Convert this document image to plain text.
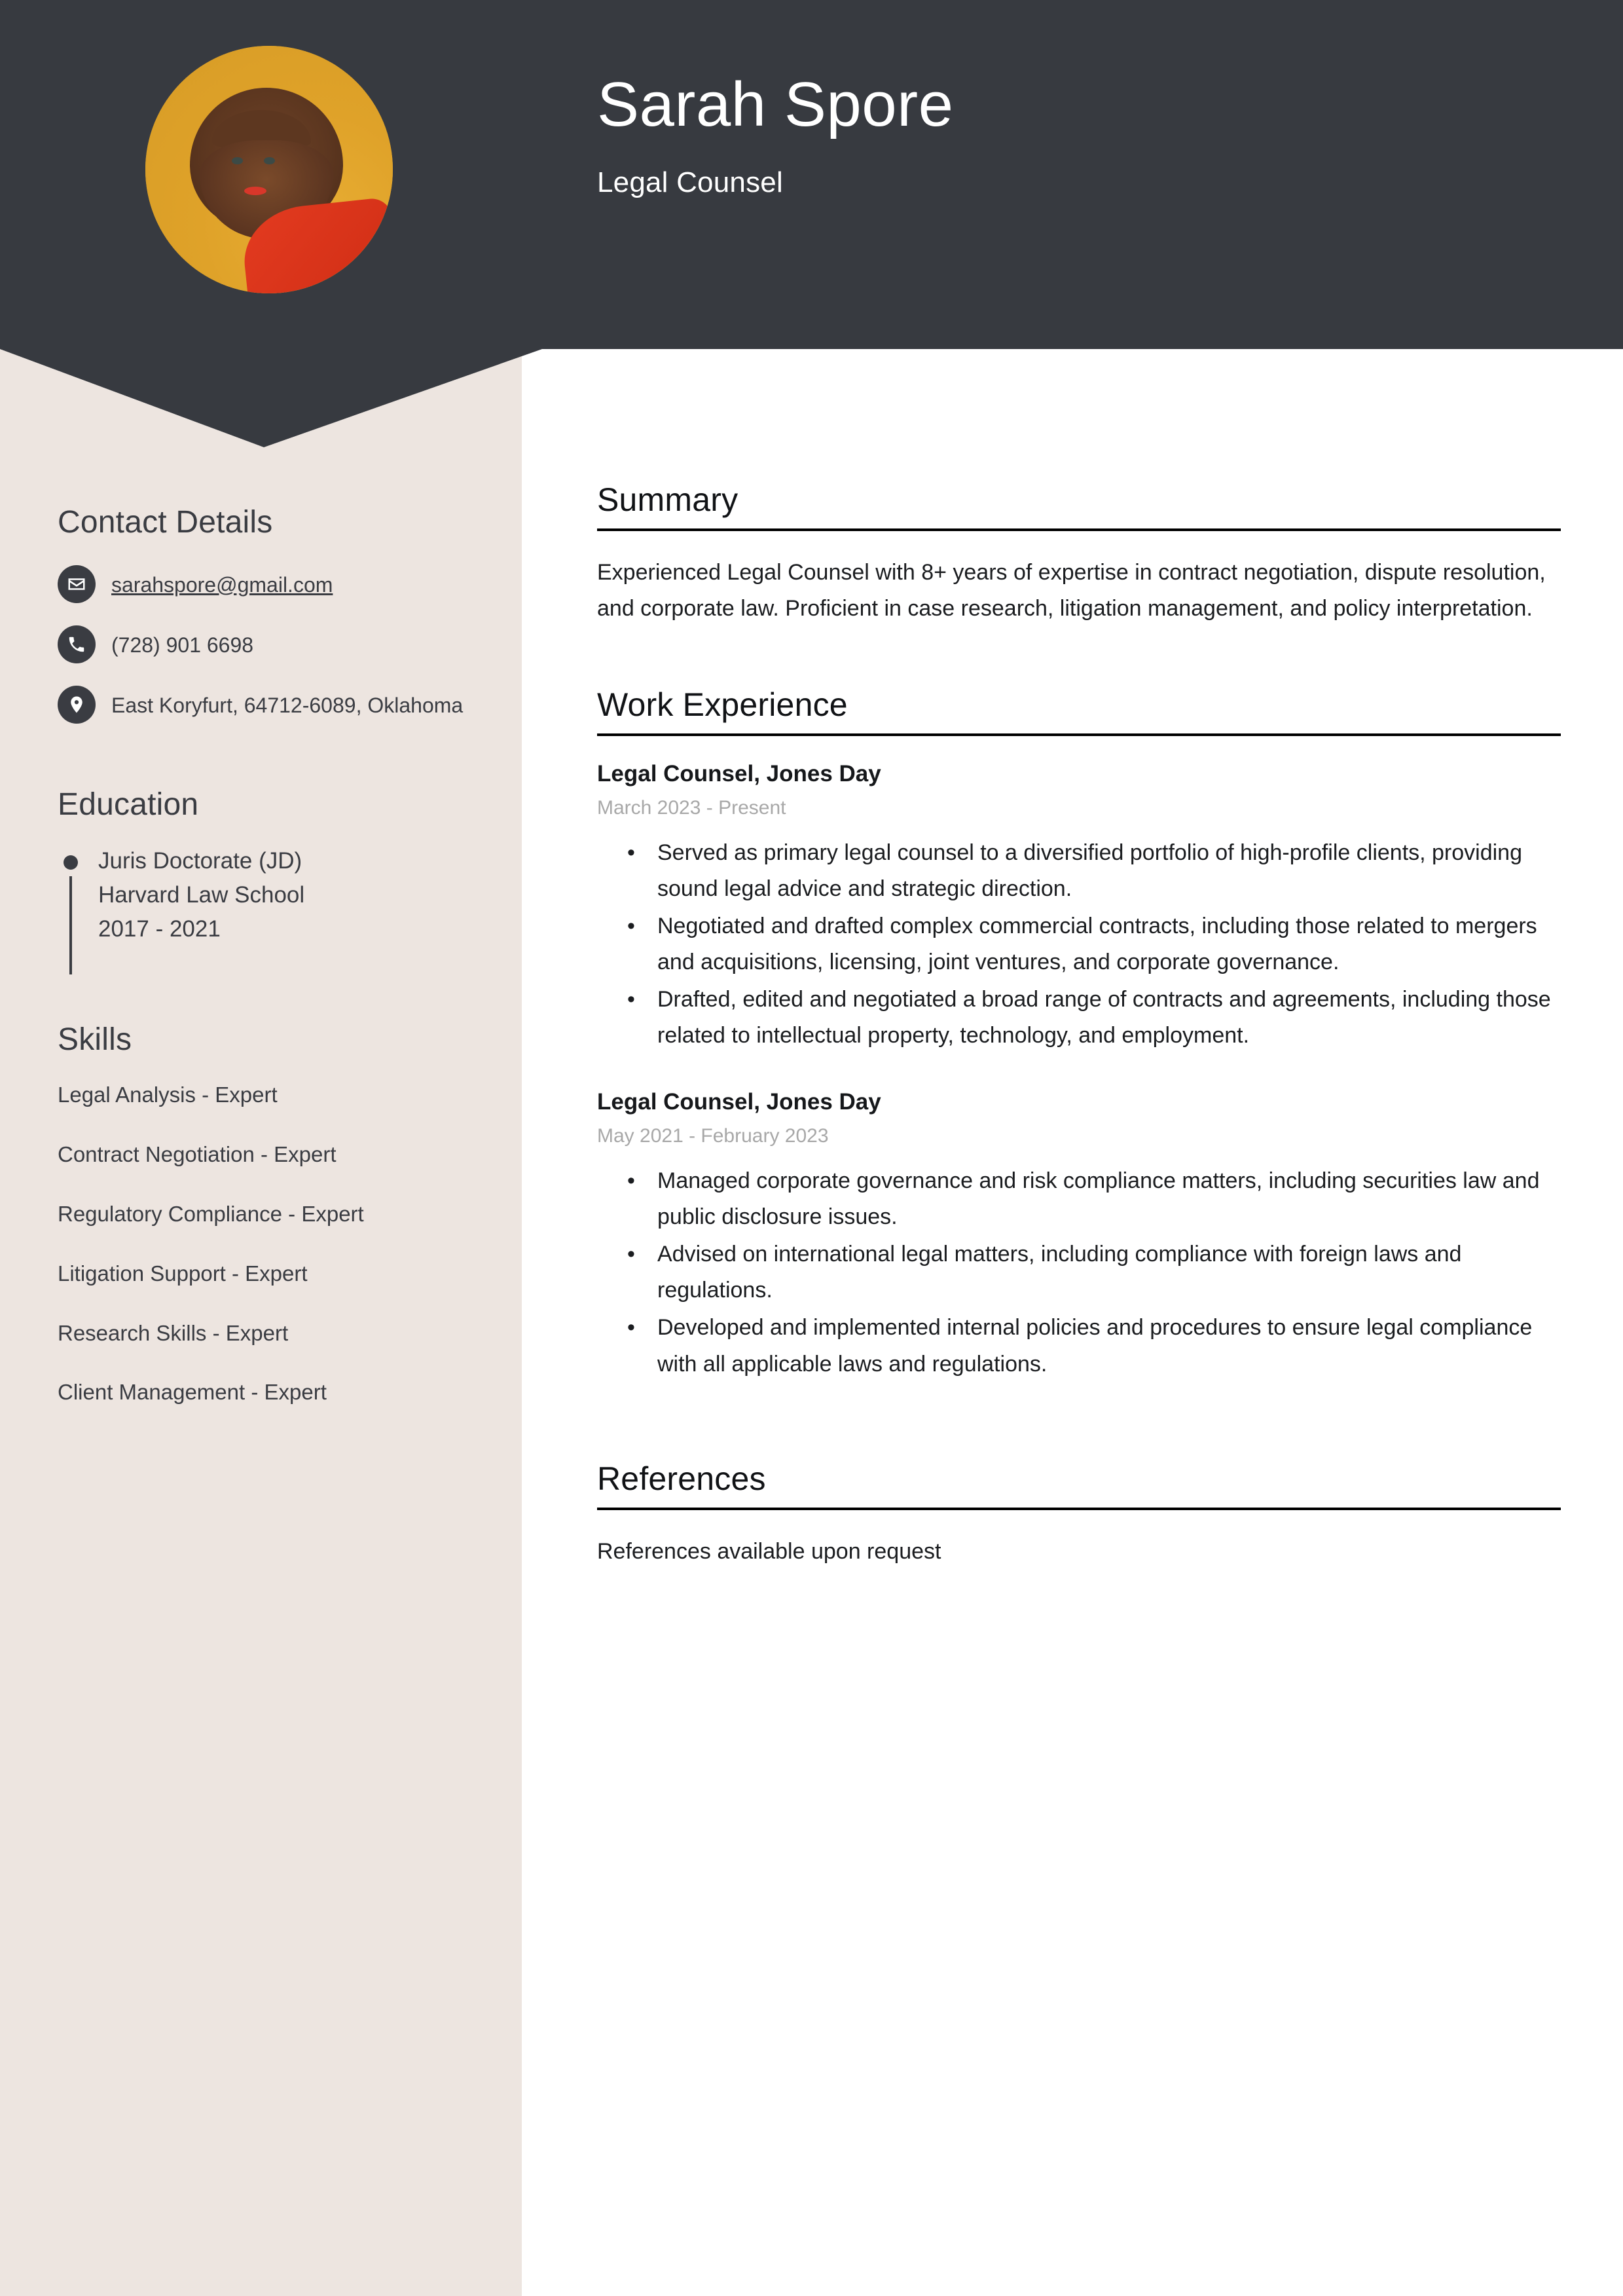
Sarah Spore
Legal Counsel
Contact Details
sarahspore@gmail.com
(728) 901 6698
East Koryfurt, 64712-6089, Oklahoma
Education
Juris Doctorate (JD)
Harvard Law School
2017 - 2021
Skills
Legal Analysis - Expert
Contract Negotiation - Expert
Regulatory Compliance - Expert
Litigation Support - Expert
Research Skills - Expert
Client Management - Expert
Summary
Experienced Legal Counsel with 8+ years of expertise in contract negotiation, dispute resolution, and corporate law. Proficient in case research, litigation management, and policy interpretation.
Work Experience
Legal Counsel, Jones Day
March 2023 - Present
• Served as primary legal counsel to a diversified portfolio of high-profile clients, providing sound legal advice and strategic direction.
• Negotiated and drafted complex commercial contracts, including those related to mergers and acquisitions, licensing, joint ventures, and corporate governance.
• Drafted, edited and negotiated a broad range of contracts and agreements, including those related to intellectual property, technology, and employment.
Legal Counsel, Jones Day
May 2021 - February 2023
• Managed corporate governance and risk compliance matters, including securities law and public disclosure issues.
• Advised on international legal matters, including compliance with foreign laws and regulations.
• Developed and implemented internal policies and procedures to ensure legal compliance with all applicable laws and regulations.
References
References available upon request
